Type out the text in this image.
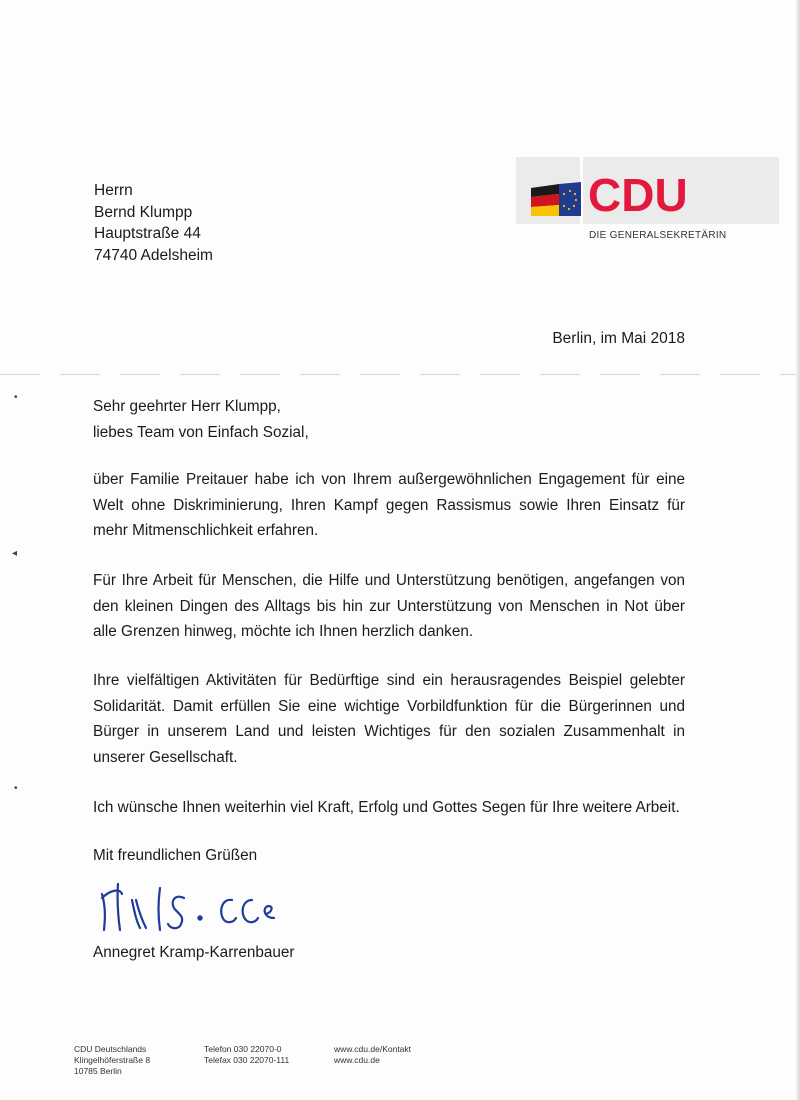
CDU
DIE GENERALSEKRETÄRIN
Herrn
Bernd Klumpp
Hauptstraße 44
74740 Adelsheim
Berlin, im Mai 2018
•
◂
•
Sehr geehrter Herr Klumpp,
liebes Team von Einfach Sozial,
über Familie Preitauer habe ich von Ihrem außergewöhnlichen Engagement für eine Welt ohne Diskriminierung, Ihren Kampf gegen Rassismus sowie Ihren Einsatz für mehr Mitmenschlichkeit erfahren.
Für Ihre Arbeit für Menschen, die Hilfe und Unterstützung benötigen, angefangen von den kleinen Dingen des Alltags bis hin zur Unterstützung von Menschen in Not über alle Grenzen hinweg, möchte ich Ihnen herzlich danken.
Ihre vielfältigen Aktivitäten für Bedürftige sind ein herausragendes Beispiel gelebter Solidarität. Damit erfüllen Sie eine wichtige Vorbildfunktion für die Bürgerinnen und Bürger in unserem Land und leisten Wichtiges für den sozialen Zusammenhalt in unserer Gesellschaft.
Ich wünsche Ihnen weiterhin viel Kraft, Erfolg und Gottes Segen für Ihre weitere Arbeit.
Mit freundlichen Grüßen
Annegret Kramp-Karrenbauer
CDU Deutschlands
Klingelhöferstraße 8
10785 Berlin
Telefon 030 22070-0
Telefax 030 22070-111
www.cdu.de/Kontakt
www.cdu.de
